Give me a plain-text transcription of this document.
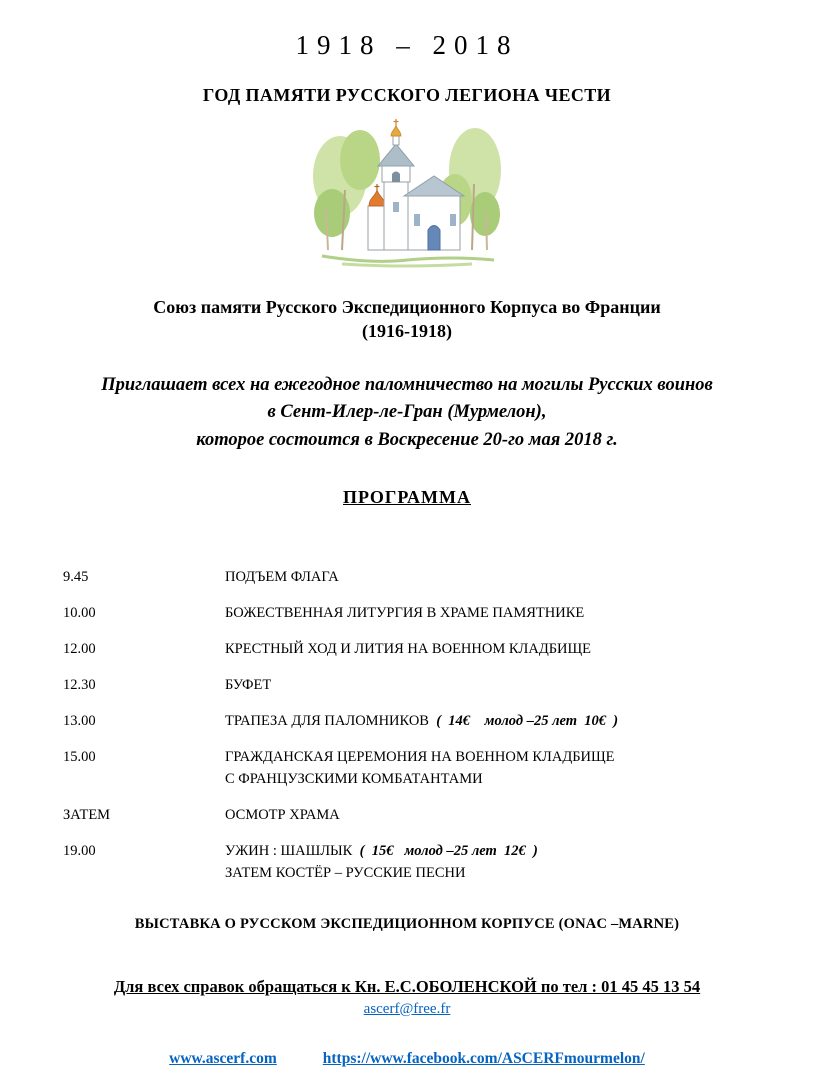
1918 – 2018
ГОД ПАМЯТИ РУССКОГО ЛЕГИОНА ЧЕСТИ
Союз памяти Русского Экспедиционного Корпуса во Франции
(1916-1918)
Приглашает всех на ежегодное паломничество на могилы Русских воинов
в Сент-Илер-ле-Гран (Мурмелон),
которое состоится в Воскресение 20-го мая 2018 г.
ПРОГРАММА
9.45	ПОДЪЕМ ФЛАГА
10.00	БОЖЕСТВЕННАЯ ЛИТУРГИЯ В ХРАМЕ ПАМЯТНИКЕ
12.00	КРЕСТНЫЙ ХОД И ЛИТИЯ НА ВОЕННОМ КЛАДБИЩЕ
12.30	БУФЕТ
13.00	ТРАПЕЗА ДЛЯ ПАЛОМНИКОВ  (  14€    молод –25 лет  10€  )
15.00	ГРАЖДАНСКАЯ ЦЕРЕМОНИЯ НА ВОЕННОМ КЛАДБИЩЕ
С ФРАНЦУЗСКИМИ КОМБАТАНТАМИ
ЗАТЕМ	ОСМОТР ХРАМА
19.00	УЖИН : ШАШЛЫК  (  15€   молод –25 лет  12€  )
ЗАТЕМ КОСТЁР – РУССКИЕ ПЕСНИ
ВЫСТАВКА О РУССКОМ ЭКСПЕДИЦИОННОМ КОРПУСЕ (ONAC –MARNE)
Для всех справок обращаться к Кн. Е.С.ОБОЛЕНСКОЙ по тел : 01 45 45 13 54
ascerf@free.fr
www.ascerf.com	https://www.facebook.com/ASCERFmourmelon/
